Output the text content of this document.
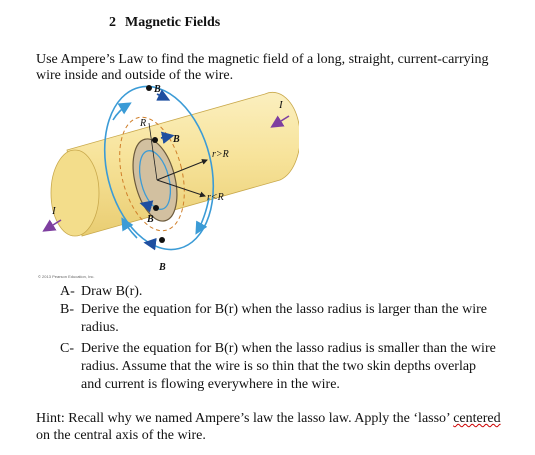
2 Magnetic Fields
Use Ampere’s Law to find the magnetic field of a long, straight, current-carrying wire inside and outside of the wire.
B
B
B
B
R
r>R
r<R
I
I
© 2013 Pearson Education, Inc.
A- Draw B(r).
B- Derive the equation for B(r) when the lasso radius is larger than the wire radius.
C- Derive the equation for B(r) when the lasso radius is smaller than the wire radius. Assume that the wire is so thin that the two skin depths overlap and current is flowing everywhere in the wire.
Hint: Recall why we named Ampere’s law the lasso law. Apply the ‘lasso’ centered on the central axis of the wire.
